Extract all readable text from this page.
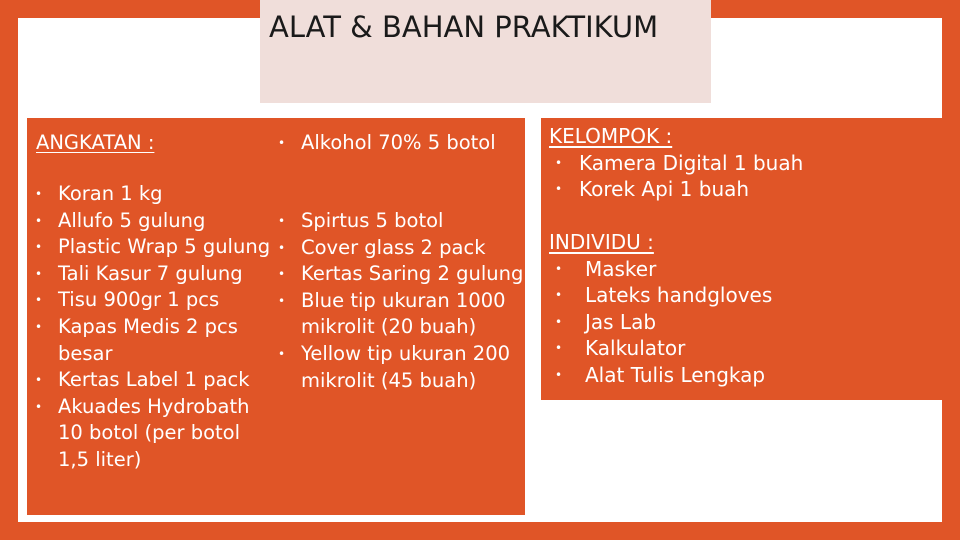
ALAT & BAHAN PRAKTIKUM

ANGKATAN :

• Koran 1 kg
• Allufo 5 gulung
• Plastic Wrap 5 gulung
• Tali Kasur 7 gulung
• Tisu 900gr 1 pcs
• Kapas Medis 2 pcs besar
• Kertas Label 1 pack
• Akuades Hydrobath 10 botol (per botol 1,5 liter)
• Alkohol 70% 5 botol
• Spirtus 5 botol
• Cover glass 2 pack
• Kertas Saring 2 gulung
• Blue tip ukuran 1000 mikrolit (20 buah)
• Yellow tip ukuran 200 mikrolit (45 buah)

KELOMPOK :

• Kamera Digital 1 buah
• Korek Api 1 buah

INDIVIDU :

• Masker
• Lateks handgloves
• Jas Lab
• Kalkulator
• Alat Tulis Lengkap
